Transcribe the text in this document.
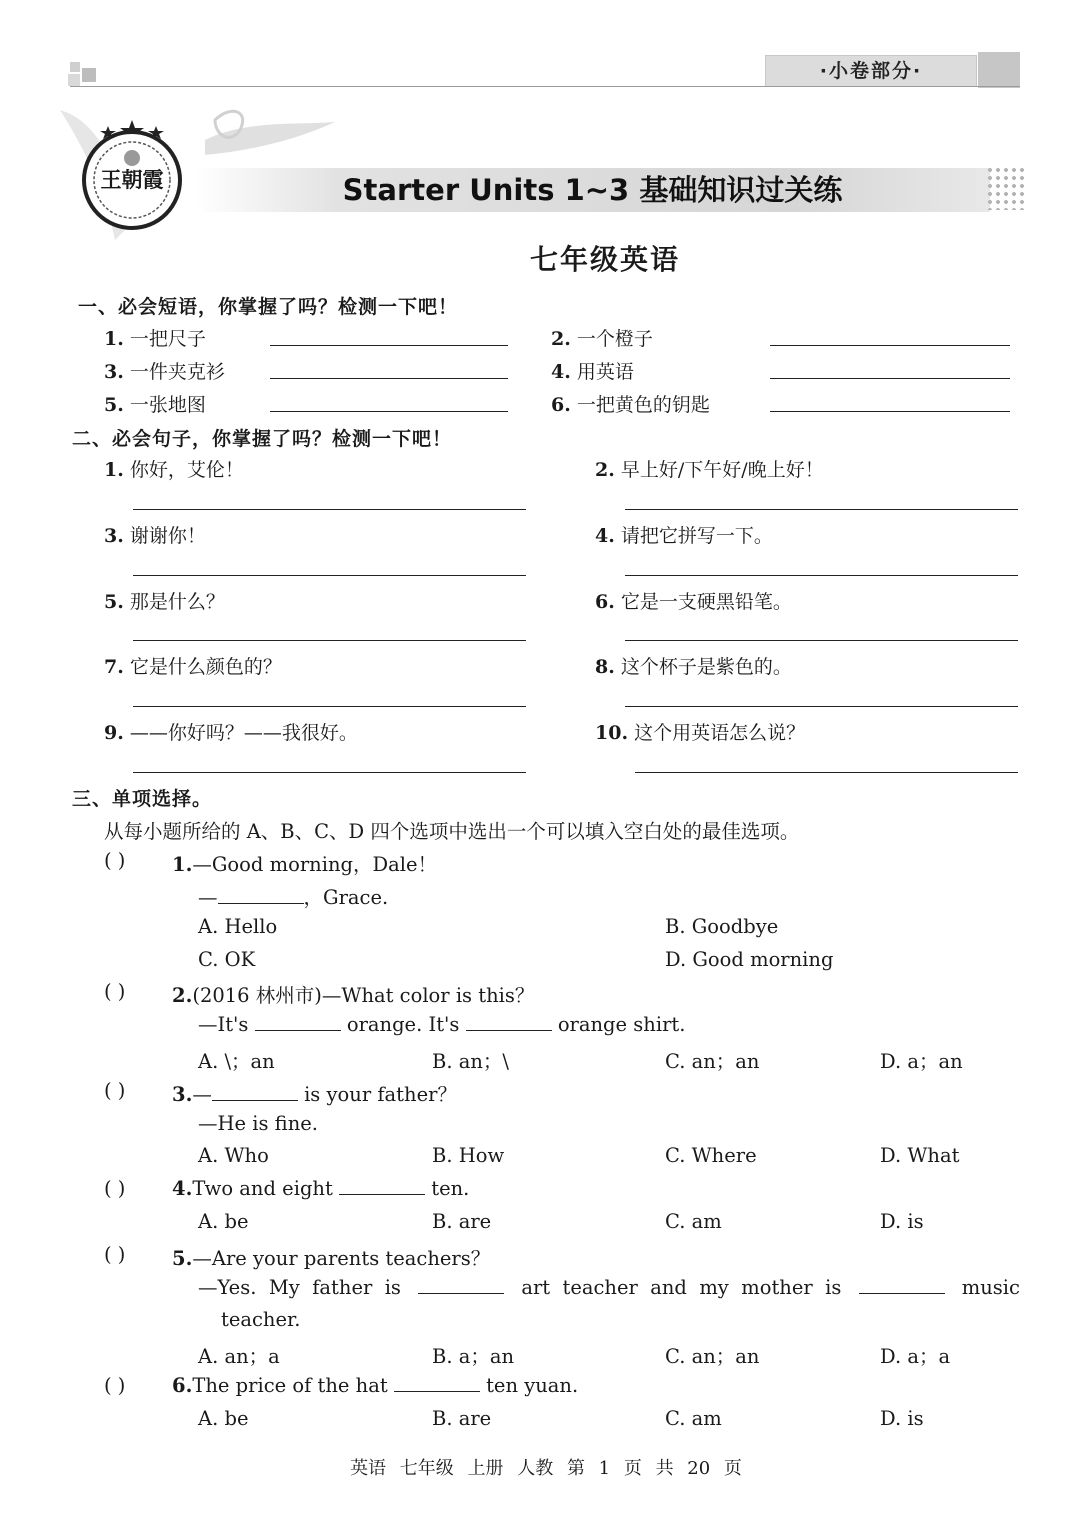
·小卷部分·
王朝霞	Starter Units 1~3 基础知识过关练
七年级英语
一、必会短语，你掌握了吗？检测一下吧！
1. 一把尺子	2. 一个橙子
3. 一件夹克衫	4. 用英语
5. 一张地图	6. 一把黄色的钥匙
二、必会句子，你掌握了吗？检测一下吧！
1. 你好，艾伦！	2. 早上好/下午好/晚上好！
3. 谢谢你！	4. 请把它拼写一下。
5. 那是什么？	6. 它是一支硬黑铅笔。
7. 它是什么颜色的？	8. 这个杯子是紫色的。
9. ——你好吗？——我很好。	10. 这个用英语怎么说？
三、单项选择。
从每小题所给的 A、B、C、D 四个选项中选出一个可以填入空白处的最佳选项。
( ) 1.—Good morning，Dale！
—	，Grace.
A. Hello	B. Goodbye
C. OK	D. Good morning
( ) 2.(2016 林州市)—What color is this？
—It's	orange. It's	orange shirt.
A. \；an	B. an；\	C. an；an	D. a；an
( ) 3.—	is your father？
—He is fine.
A. Who	B. How	C. Where	D. What
( ) 4.Two and eight	ten.
A. be	B. are	C. am	D. is
( ) 5.—Are your parents teachers？
—Yes.  My  father  is	art  teacher  and  my  mother  is	music
teacher.
A. an；a	B. a；an	C. an；an	D. a；a
( ) 6.The price of the hat	ten yuan.
A. be	B. are	C. am	D. is
英语 七年级 上册 人教 第 1 页 共 20 页
